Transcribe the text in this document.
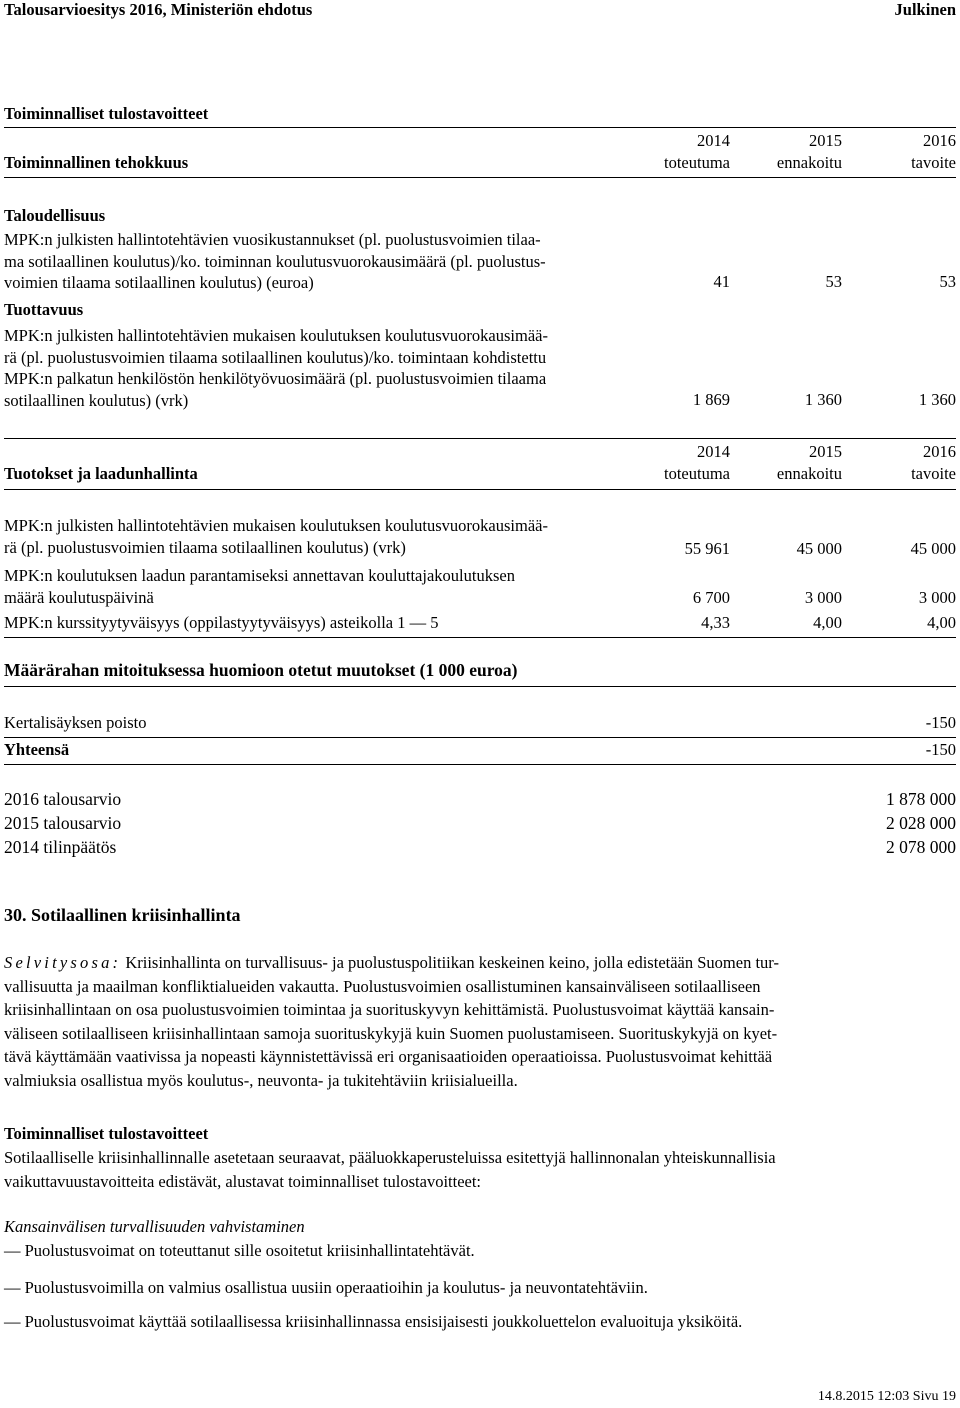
Talousarvioesitys 2016, Ministeriön ehdotus	Julkinen
Toiminnalliset tulostavoitteet
2014	2015	2016
Toiminnallinen tehokkuus	toteutuma	ennakoitu	tavoite
Taloudellisuus
MPK:n julkisten hallintotehtävien vuosikustannukset (pl. puolustusvoimien tilaa-
ma sotilaallinen koulutus)/ko. toiminnan koulutusvuorokausimäärä (pl. puolustus-
voimien tilaama sotilaallinen koulutus) (euroa)	41	53	53
Tuottavuus
MPK:n julkisten hallintotehtävien mukaisen koulutuksen koulutusvuorokausimää-
rä (pl. puolustusvoimien tilaama sotilaallinen koulutus)/ko. toimintaan kohdistettu
MPK:n palkatun henkilöstön henkilötyövuosimäärä (pl. puolustusvoimien tilaama
sotilaallinen koulutus) (vrk)	1 869	1 360	1 360
2014	2015	2016
Tuotokset ja laadunhallinta	toteutuma	ennakoitu	tavoite
MPK:n julkisten hallintotehtävien mukaisen koulutuksen koulutusvuorokausimää-
rä (pl. puolustusvoimien tilaama sotilaallinen koulutus) (vrk)	55 961	45 000	45 000
MPK:n koulutuksen laadun parantamiseksi annettavan kouluttajakoulutuksen
määrä koulutuspäivinä	6 700	3 000	3 000
MPK:n kurssityytyväisyys (oppilastyytyväisyys) asteikolla 1 — 5	4,33	4,00	4,00
Määrärahan mitoituksessa huomioon otetut muutokset (1 000 euroa)
Kertalisäyksen poisto	-150
Yhteensä	-150
2016 talousarvio	1 878 000
2015 talousarvio	2 028 000
2014 tilinpäätös	2 078 000
30. Sotilaallinen kriisinhallinta
Selvitysosa: Kriisinhallinta on turvallisuus- ja puolustuspolitiikan keskeinen keino, jolla edistetään Suomen tur-
vallisuutta ja maailman konfliktialueiden vakautta. Puolustusvoimien osallistuminen kansainväliseen sotilaalliseen
kriisinhallintaan on osa puolustusvoimien toimintaa ja suorituskyvyn kehittämistä. Puolustusvoimat käyttää kansain-
väliseen sotilaalliseen kriisinhallintaan samoja suorituskykyjä kuin Suomen puolustamiseen. Suorituskykyjä on kyet-
tävä käyttämään vaativissa ja nopeasti käynnistettävissä eri organisaatioiden operaatioissa. Puolustusvoimat kehittää
valmiuksia osallistua myös koulutus-, neuvonta- ja tukitehtäviin kriisialueilla.
Toiminnalliset tulostavoitteet
Sotilaalliselle kriisinhallinnalle asetetaan seuraavat, pääluokkaperusteluissa esitettyjä hallinnonalan yhteiskunnallisia
vaikuttavuustavoitteita edistävät, alustavat toiminnalliset tulostavoitteet:
Kansainvälisen turvallisuuden vahvistaminen
— Puolustusvoimat on toteuttanut sille osoitetut kriisinhallintatehtävät.
— Puolustusvoimilla on valmius osallistua uusiin operaatioihin ja koulutus- ja neuvontatehtäviin.
— Puolustusvoimat käyttää sotilaallisessa kriisinhallinnassa ensisijaisesti joukkoluettelon evaluoituja yksiköitä.
14.8.2015 12:03 Sivu 19
